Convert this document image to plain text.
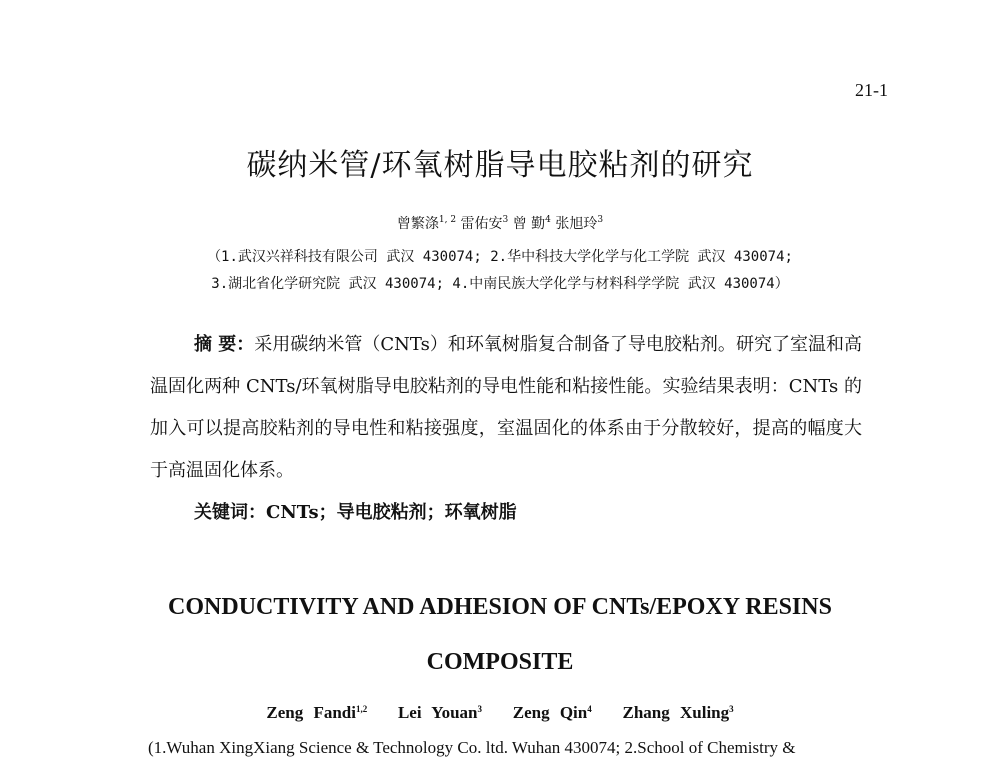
21-1
碳纳米管/环氧树脂导电胶粘剂的研究
曾繁涤$^{1, 2}$ 雷佑安$^3$ 曾 勤$^4$ 张旭玲$^3$
（1.武汉兴祥科技有限公司 武汉 430074; 2.华中科技大学化学与化工学院 武汉 430074;
3.湖北省化学研究院 武汉 430074; 4.中南民族大学化学与材料科学学院 武汉 430074）

摘 要：采用碳纳米管（CNTs）和环氧树脂复合制备了导电胶粘剂。研究了室温和高温固化两种 CNTs/环氧树脂导电胶粘剂的导电性能和粘接性能。实验结果表明：CNTs 的加入可以提高胶粘剂的导电性和粘接强度，室温固化的体系由于分散较好，提高的幅度大于高温固化体系。

关键词：CNTs；导电胶粘剂；环氧树脂
CONDUCTIVITY AND ADHESION OF CNTs/EPOXY RESINS
COMPOSITE
Zeng Fandi$^{1,2}$ Lei Youan$^3$ Zeng Qin$^4$ Zhang Xuling$^3$
(1.Wuhan XingXiang Science & Technology Co. ltd. Wuhan 430074; 2.School of Chemistry &
